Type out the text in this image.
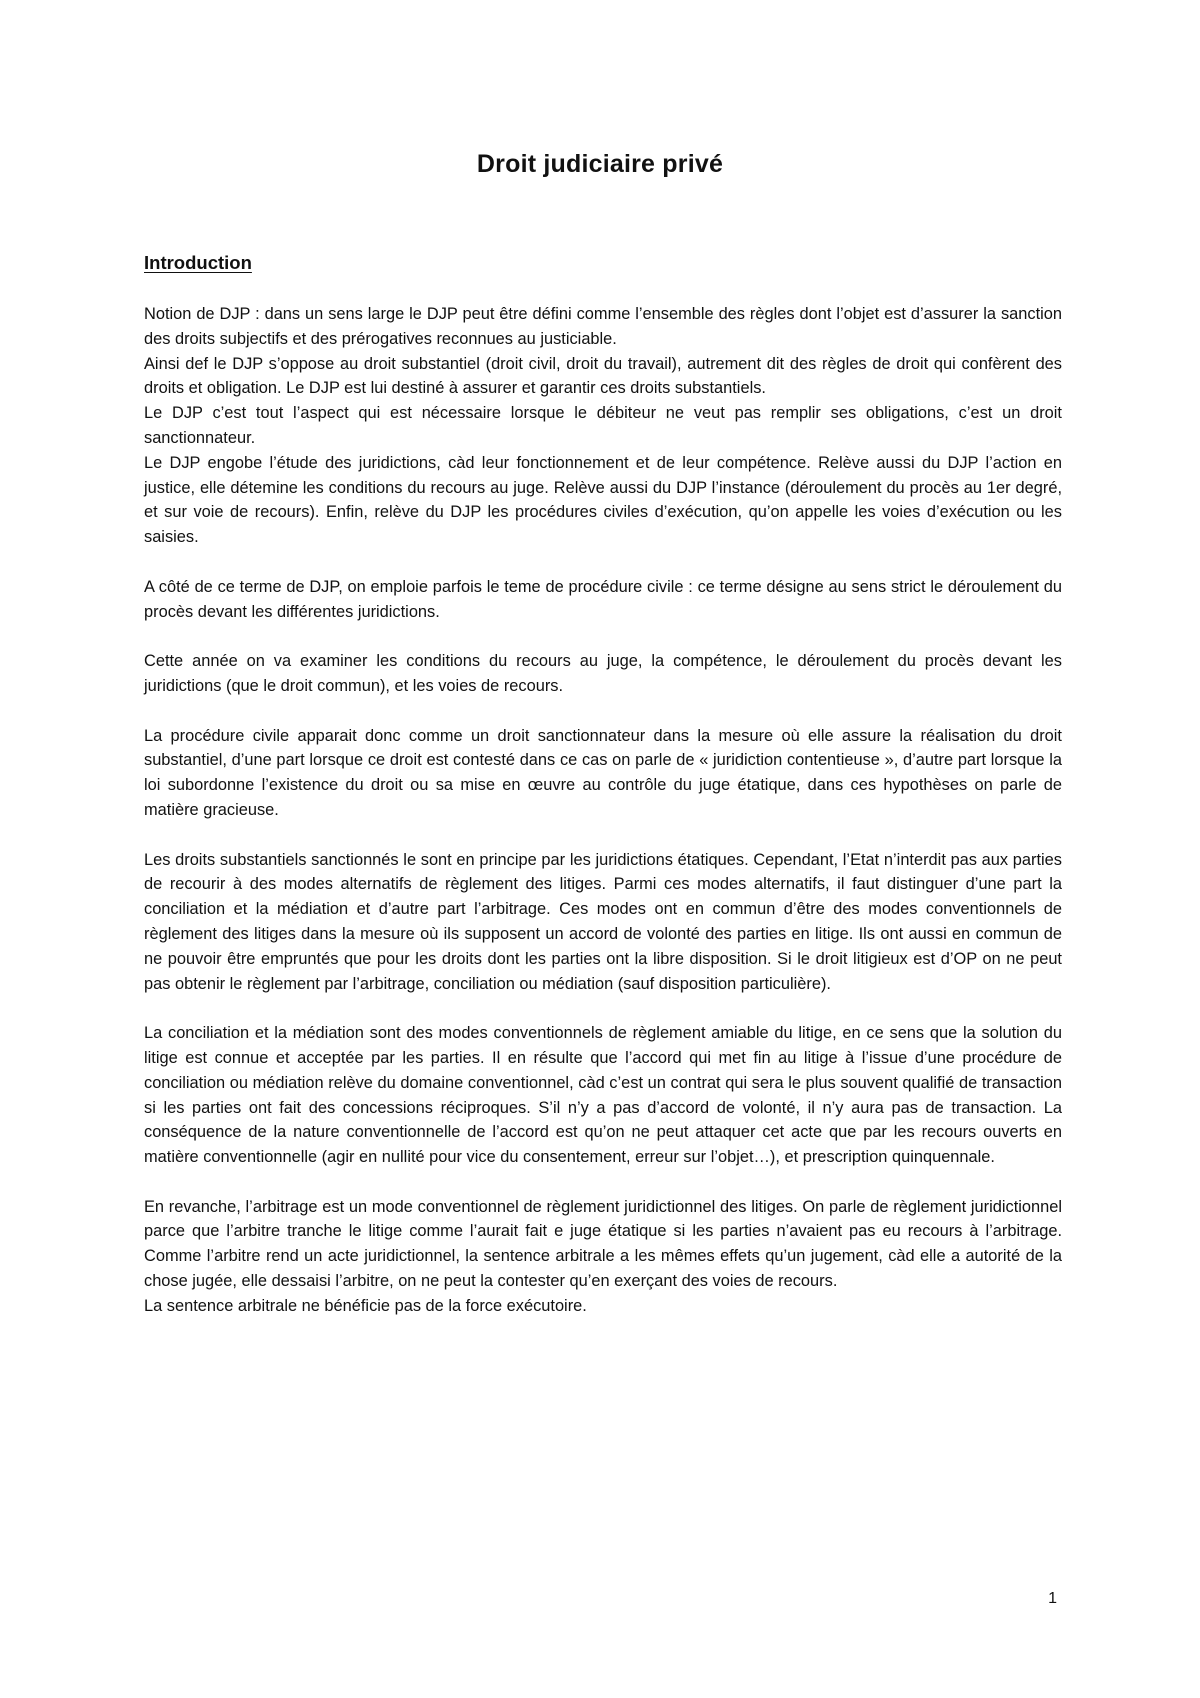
Droit judiciaire privé
Introduction

Notion de DJP : dans un sens large le DJP peut être défini comme l’ensemble des règles dont l’objet est d’assurer la sanction des droits subjectifs et des prérogatives reconnues au justiciable.

Ainsi def le DJP s’oppose au droit substantiel (droit civil, droit du travail), autrement dit des règles de droit qui confèrent des droits et obligation. Le DJP est lui destiné à assurer et garantir ces droits substantiels.

Le DJP c’est tout l’aspect qui est nécessaire lorsque le débiteur ne veut pas remplir ses obligations, c’est un droit sanctionnateur.

Le DJP engobe l’étude des juridictions, càd leur fonctionnement et de leur compétence. Relève aussi du DJP l’action en justice, elle détemine les conditions du recours au juge. Relève aussi du DJP l’instance (déroulement du procès au 1er degré, et sur voie de recours). Enfin, relève du DJP les procédures civiles d’exécution, qu’on appelle les voies d’exécution ou les saisies.

A côté de ce terme de DJP, on emploie parfois le teme de procédure civile : ce terme désigne au sens strict le déroulement du procès devant les différentes juridictions.

Cette année on va examiner les conditions du recours au juge, la compétence, le déroulement du procès devant les juridictions (que le droit commun), et les voies de recours.

La procédure civile apparait donc comme un droit sanctionnateur dans la mesure où elle assure la réalisation du droit substantiel, d’une part lorsque ce droit est contesté dans ce cas on parle de « juridiction contentieuse », d’autre part lorsque la loi subordonne l’existence du droit ou sa mise en œuvre au contrôle du juge étatique, dans ces hypothèses on parle de matière gracieuse.

Les droits substantiels sanctionnés le sont en principe par les juridictions étatiques. Cependant, l’Etat n’interdit pas aux parties de recourir à des modes alternatifs de règlement des litiges. Parmi ces modes alternatifs, il faut distinguer d’une part la conciliation et la médiation et d’autre part l’arbitrage. Ces modes ont en commun d’être des modes conventionnels de règlement des litiges dans la mesure où ils supposent un accord de volonté des parties en litige. Ils ont aussi en commun de ne pouvoir être empruntés que pour les droits dont les parties ont la libre disposition. Si le droit litigieux est d’OP on ne peut pas obtenir le règlement par l’arbitrage, conciliation ou médiation (sauf disposition particulière).

La conciliation et la médiation sont des modes conventionnels de règlement amiable du litige, en ce sens que la solution du litige est connue et acceptée par les parties. Il en résulte que l’accord qui met fin au litige à l’issue d’une procédure de conciliation ou médiation relève du domaine conventionnel, càd c’est un contrat qui sera le plus souvent qualifié de transaction si les parties ont fait des concessions réciproques. S’il n’y a pas d’accord de volonté, il n’y aura pas de transaction. La conséquence de la nature conventionnelle de l’accord est qu’on ne peut attaquer cet acte que par les recours ouverts en matière conventionnelle (agir en nullité pour vice du consentement, erreur sur l’objet…), et prescription quinquennale.

En revanche, l’arbitrage est un mode conventionnel de règlement juridictionnel des litiges. On parle de règlement juridictionnel parce que l’arbitre tranche le litige comme l’aurait fait e juge étatique si les parties n’avaient pas eu recours à l’arbitrage. Comme l’arbitre rend un acte juridictionnel, la sentence arbitrale a les mêmes effets qu’un jugement, càd elle a autorité de la chose jugée, elle dessaisi l’arbitre, on ne peut la contester qu’en exerçant des voies de recours.

La sentence arbitrale ne bénéficie pas de la force exécutoire.

1
